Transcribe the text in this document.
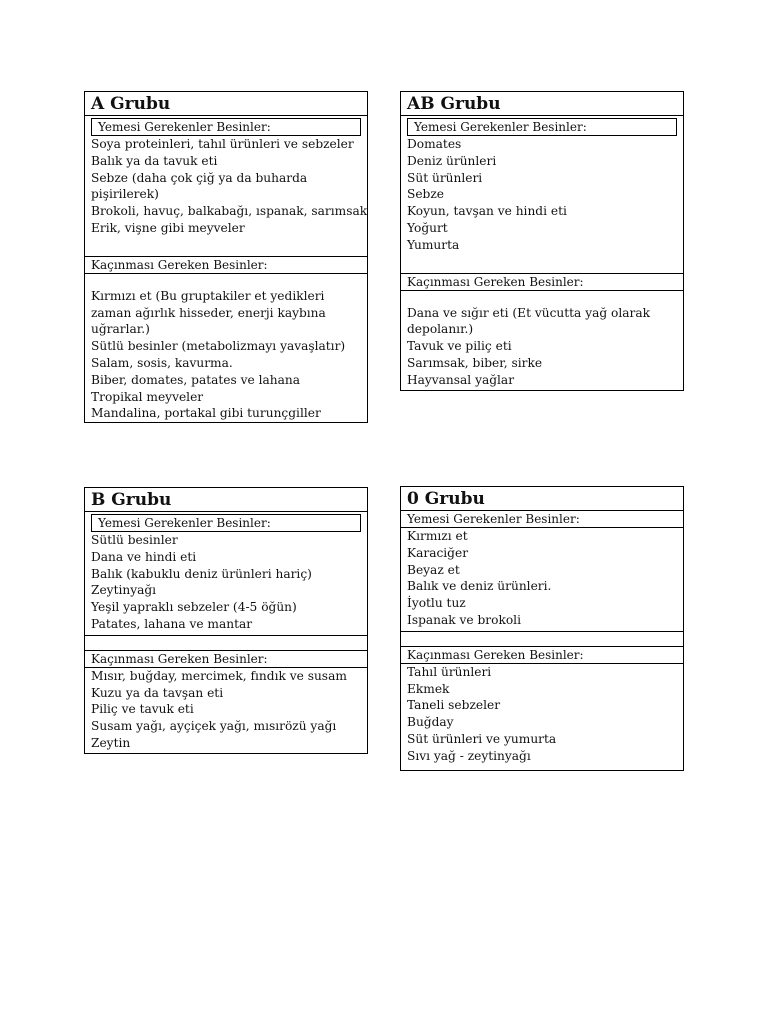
A Grubu
Yemesi Gerekenler Besinler:
Soya proteinleri, tahıl ürünleri ve sebzeler
Balık ya da tavuk eti
Sebze (daha çok çiğ ya da buharda
pişirilerek)
Brokoli, havuç, balkabağı, ıspanak, sarımsak
Erik, vişne gibi meyveler
Kaçınması Gereken Besinler:
Kırmızı et (Bu gruptakiler et yedikleri
zaman ağırlık hisseder, enerji kaybına
uğrarlar.)
Sütlü besinler (metabolizmayı yavaşlatır)
Salam, sosis, kavurma.
Biber, domates, patates ve lahana
Tropikal meyveler
Mandalina, portakal gibi turunçgiller
AB Grubu
Yemesi Gerekenler Besinler:
Domates
Deniz ürünleri
Süt ürünleri
Sebze
Koyun, tavşan ve hindi eti
Yoğurt
Yumurta
Kaçınması Gereken Besinler:
Dana ve sığır eti (Et vücutta yağ olarak
depolanır.)
Tavuk ve piliç eti
Sarımsak, biber, sirke
Hayvansal yağlar
B Grubu
Yemesi Gerekenler Besinler:
Sütlü besinler
Dana ve hindi eti
Balık (kabuklu deniz ürünleri hariç)
Zeytinyağı
Yeşil yapraklı sebzeler (4-5 öğün)
Patates, lahana ve mantar
Kaçınması Gereken Besinler:
Mısır, buğday, mercimek, fındık ve susam
Kuzu ya da tavşan eti
Piliç ve tavuk eti
Susam yağı, ayçiçek yağı, mısırözü yağı
Zeytin
0 Grubu
Yemesi Gerekenler Besinler:
Kırmızı et
Karaciğer
Beyaz et
Balık ve deniz ürünleri.
İyotlu tuz
Ispanak ve brokoli
Kaçınması Gereken Besinler:
Tahıl ürünleri
Ekmek
Taneli sebzeler
Buğday
Süt ürünleri ve yumurta
Sıvı yağ - zeytinyağı
